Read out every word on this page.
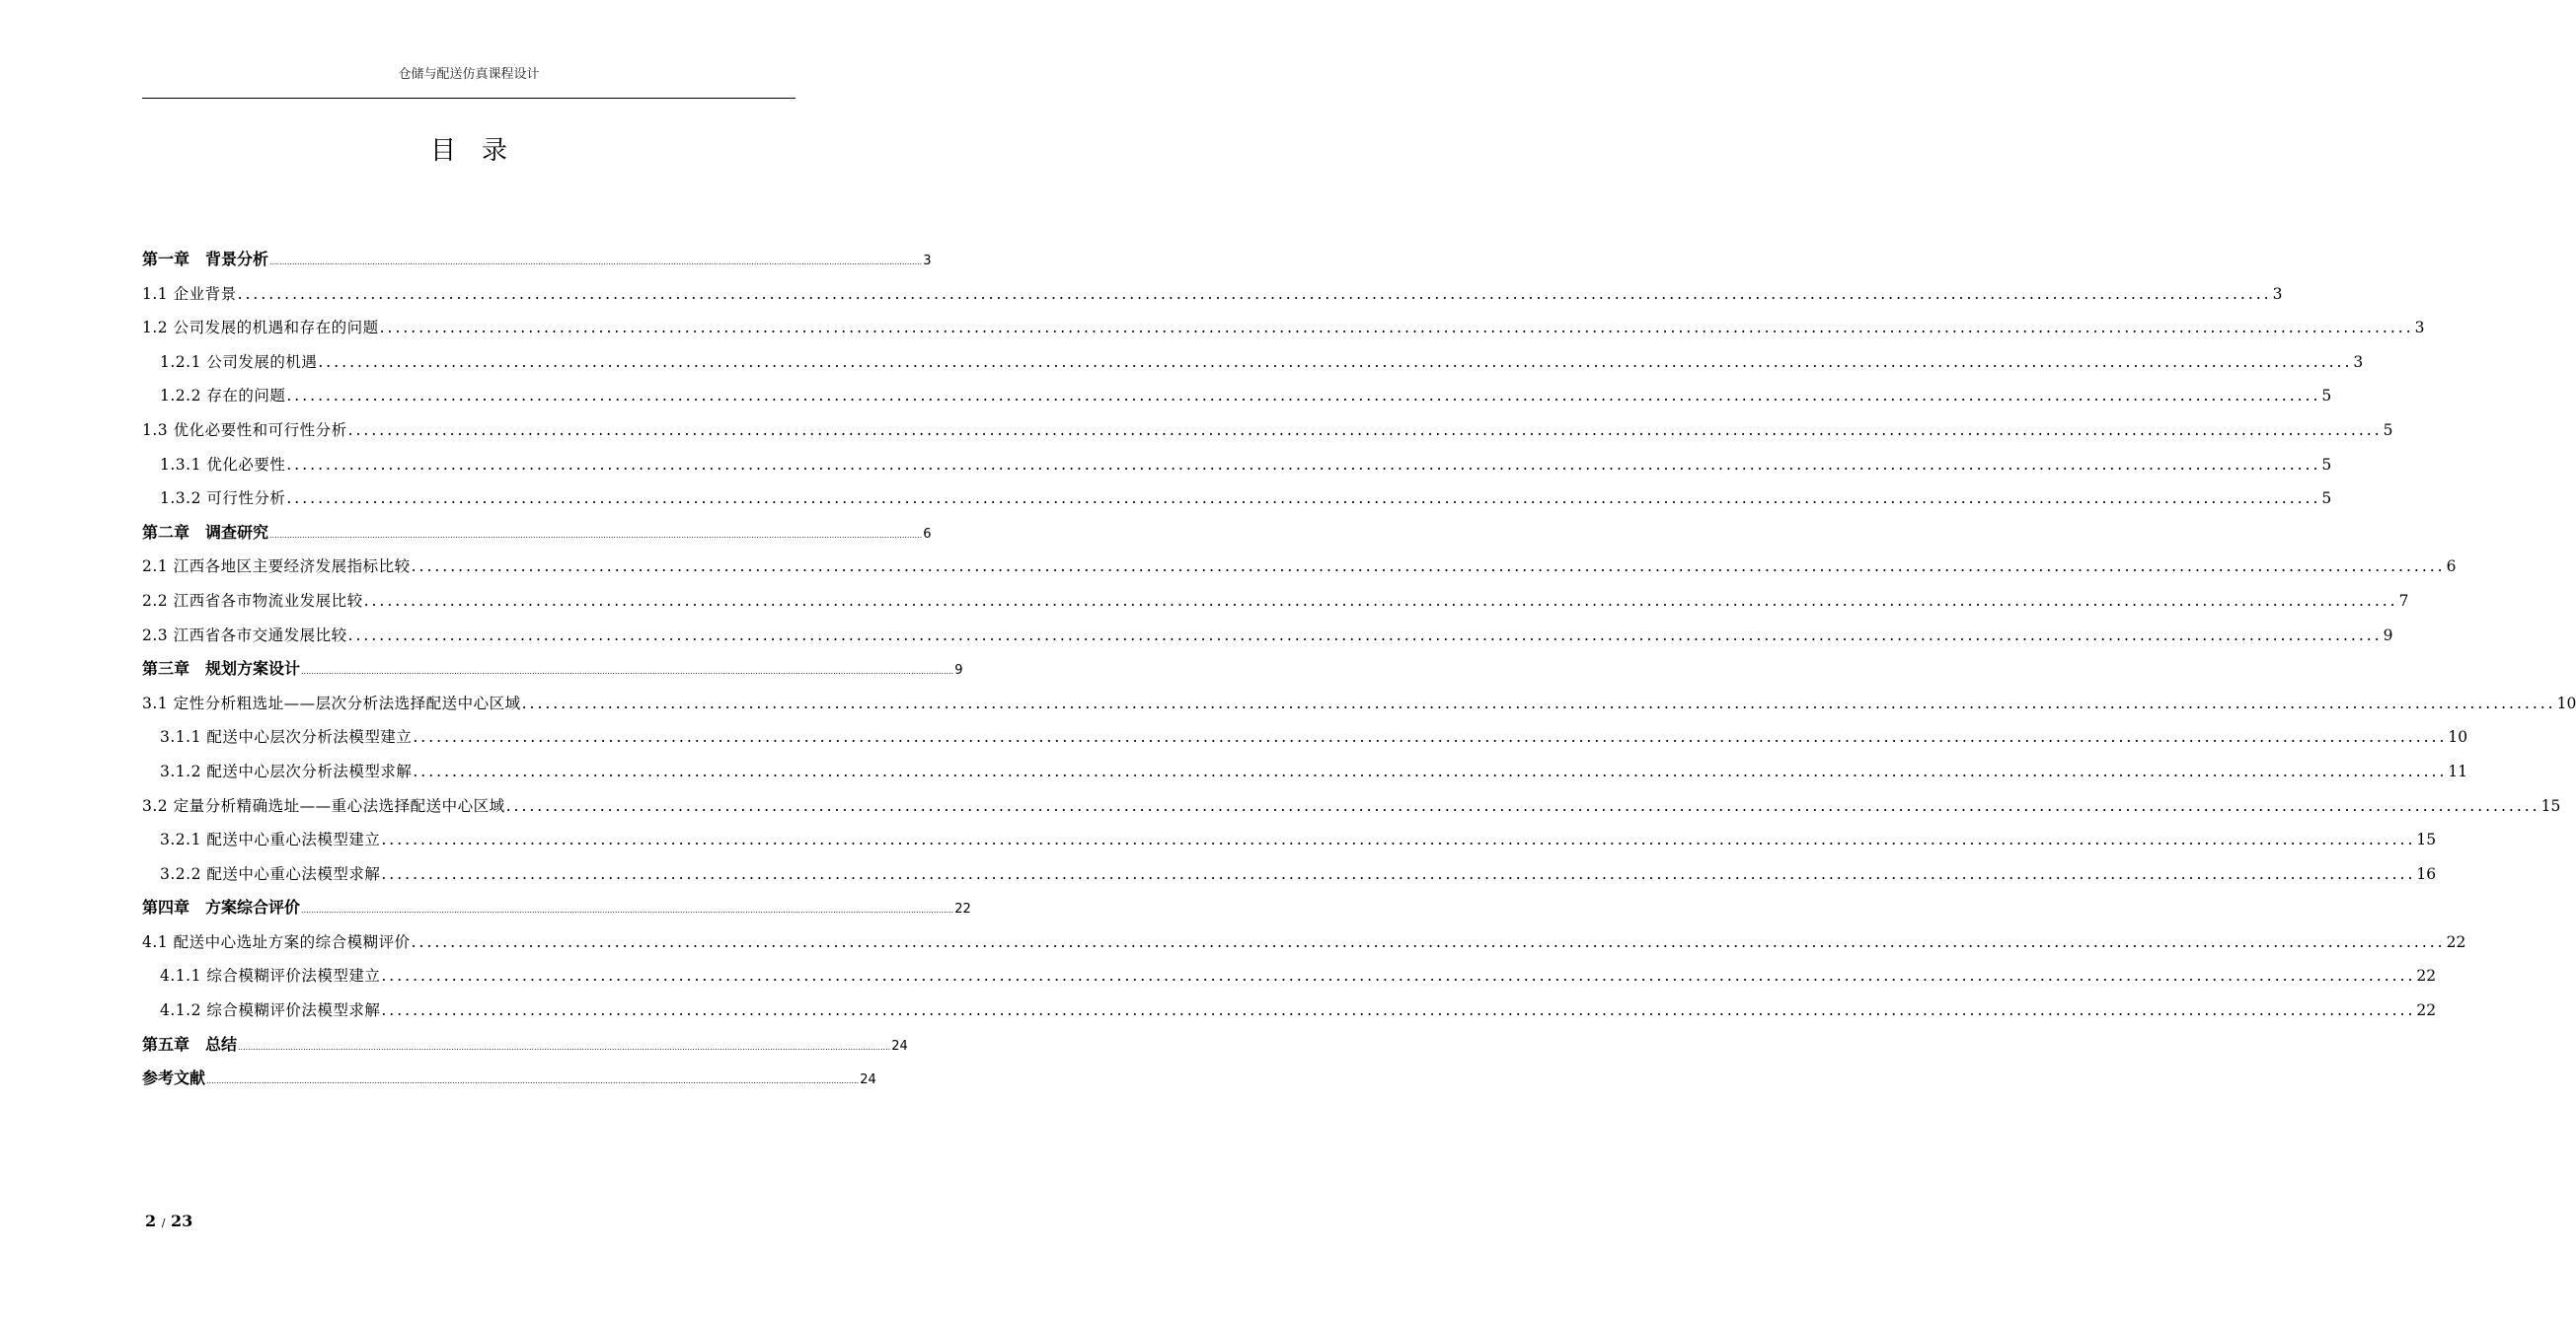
仓储与配送仿真课程设计
目录
第一章　背景分析 .................................................................................................................................................................................................................................................................... 3
1.1 企业背景 .................................................................................................................................................................................................................................................................... 3
1.2 公司发展的机遇和存在的问题 .................................................................................................................................................................................................................................................................... 3
1.2.1 公司发展的机遇 .................................................................................................................................................................................................................................................................... 3
1.2.2 存在的问题 .................................................................................................................................................................................................................................................................... 5
1.3 优化必要性和可行性分析 .................................................................................................................................................................................................................................................................... 5
1.3.1 优化必要性 .................................................................................................................................................................................................................................................................... 5
1.3.2 可行性分析 .................................................................................................................................................................................................................................................................... 5
第二章　调查研究 .................................................................................................................................................................................................................................................................... 6
2.1 江西各地区主要经济发展指标比较 .................................................................................................................................................................................................................................................................... 6
2.2 江西省各市物流业发展比较 .................................................................................................................................................................................................................................................................... 7
2.3 江西省各市交通发展比较 .................................................................................................................................................................................................................................................................... 9
第三章　规划方案设计 .................................................................................................................................................................................................................................................................... 9
3.1 定性分析粗选址——层次分析法选择配送中心区域 .................................................................................................................................................................................................................................................................... 10
3.1.1 配送中心层次分析法模型建立 .................................................................................................................................................................................................................................................................... 10
3.1.2 配送中心层次分析法模型求解 .................................................................................................................................................................................................................................................................... 11
3.2 定量分析精确选址——重心法选择配送中心区域 .................................................................................................................................................................................................................................................................... 15
3.2.1 配送中心重心法模型建立 .................................................................................................................................................................................................................................................................... 15
3.2.2 配送中心重心法模型求解 .................................................................................................................................................................................................................................................................... 16
第四章　方案综合评价 .................................................................................................................................................................................................................................................................... 22
4.1 配送中心选址方案的综合模糊评价 .................................................................................................................................................................................................................................................................... 22
4.1.1 综合模糊评价法模型建立 .................................................................................................................................................................................................................................................................... 22
4.1.2 综合模糊评价法模型求解 .................................................................................................................................................................................................................................................................... 22
第五章　总结 .................................................................................................................................................................................................................................................................... 24
参考文献 .................................................................................................................................................................................................................................................................... 24
2 / 23
